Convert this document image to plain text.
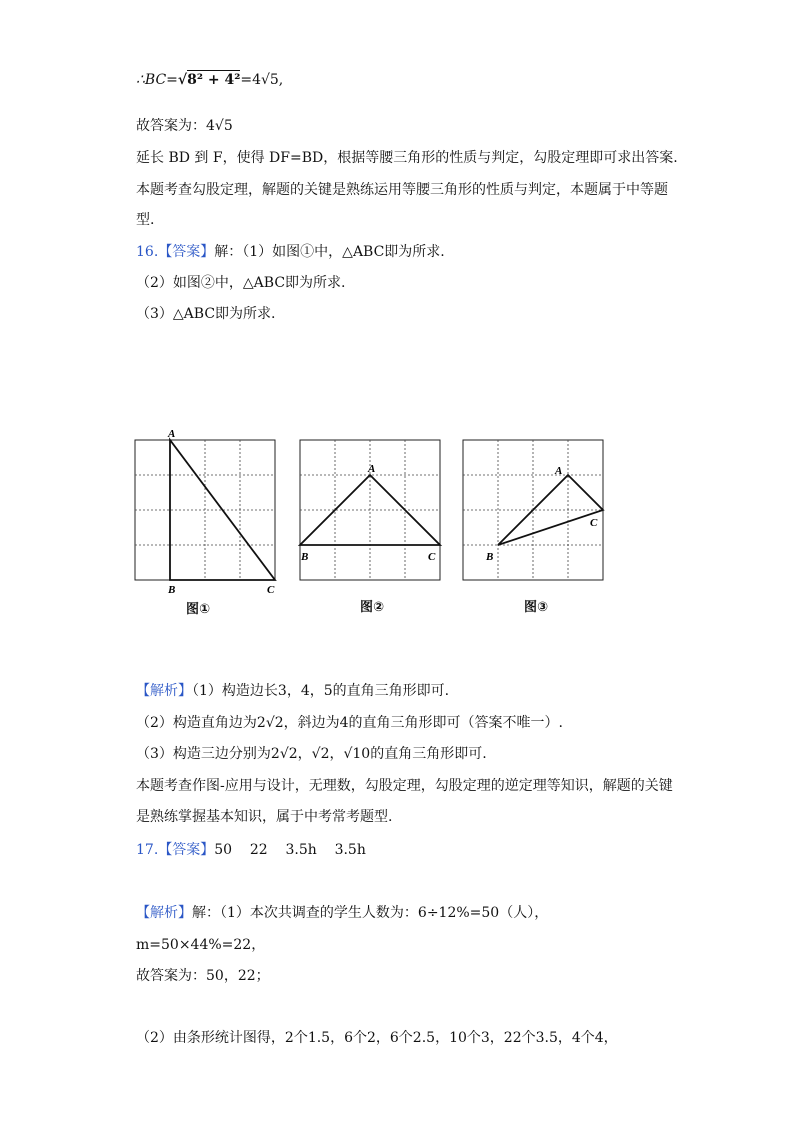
∴BC=√8² + 4²=4√5,
故答案为：4√5
延长 BD 到 F，使得 DF=BD，根据等腰三角形的性质与判定，勾股定理即可求出答案.
本题考查勾股定理，解题的关键是熟练运用等腰三角形的性质与判定，本题属于中等题
型.
16.【答案】解：（1）如图①中，△ABC即为所求.
（2）如图②中，△ABC即为所求.
（3）△ABC即为所求.
A
B	C
A
B	C
A
B
C
图①	图②	图③
【解析】（1）构造边长3，4，5的直角三角形即可.
（2）构造直角边为2√2，斜边为4的直角三角形即可（答案不唯一）.
（3）构造三边分别为2√2，√2，√10的直角三角形即可.
本题考查作图-应用与设计，无理数，勾股定理，勾股定理的逆定理等知识，解题的关键
是熟练掌握基本知识，属于中考常考题型.
17.【答案】50    22    3.5h    3.5h
【解析】解：（1）本次共调查的学生人数为：6÷12%=50（人），
m=50×44%=22，
故答案为：50，22；
（2）由条形统计图得，2个1.5，6个2，6个2.5，10个3，22个3.5，4个4，
